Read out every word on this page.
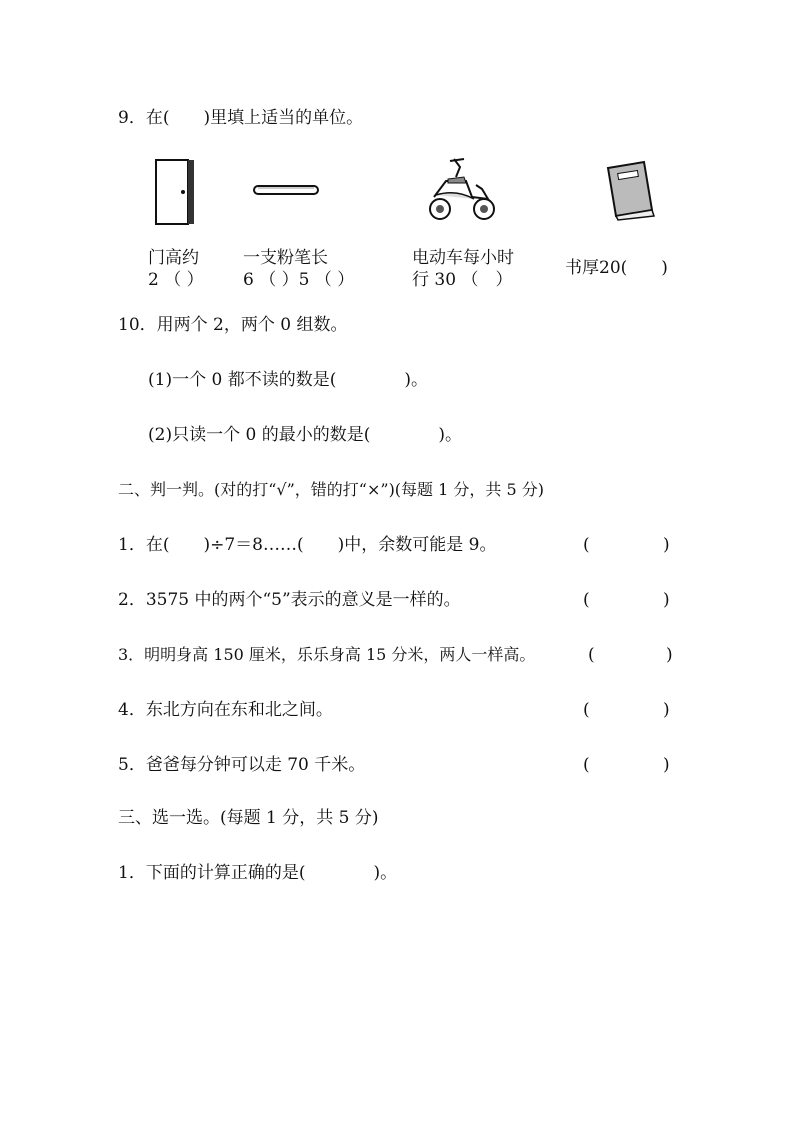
9．在(　　)里填上适当的单位。
门高约
2 （ ）
一支粉笔长
6 （ ）5 （ ）
电动车每小时
行 30 （　）
书厚20(　　)
10．用两个 2，两个 0 组数。
(1)一个 0 都不读的数是(　　　　)。
(2)只读一个 0 的最小的数是(　　　　)。
二、判一判。(对的打“√”，错的打“×”)(每题 1 分，共 5 分)
1．在(　　)÷7＝8……(　　)中，余数可能是 9。	(	)
2．3575 中的两个“5”表示的意义是一样的。	(	)
3．明明身高 150 厘米，乐乐身高 15 分米，两人一样高。	(	)
4．东北方向在东和北之间。	(	)
5．爸爸每分钟可以走 70 千米。	(	)
三、选一选。(每题 1 分，共 5 分)
1．下面的计算正确的是(　　　　)。
